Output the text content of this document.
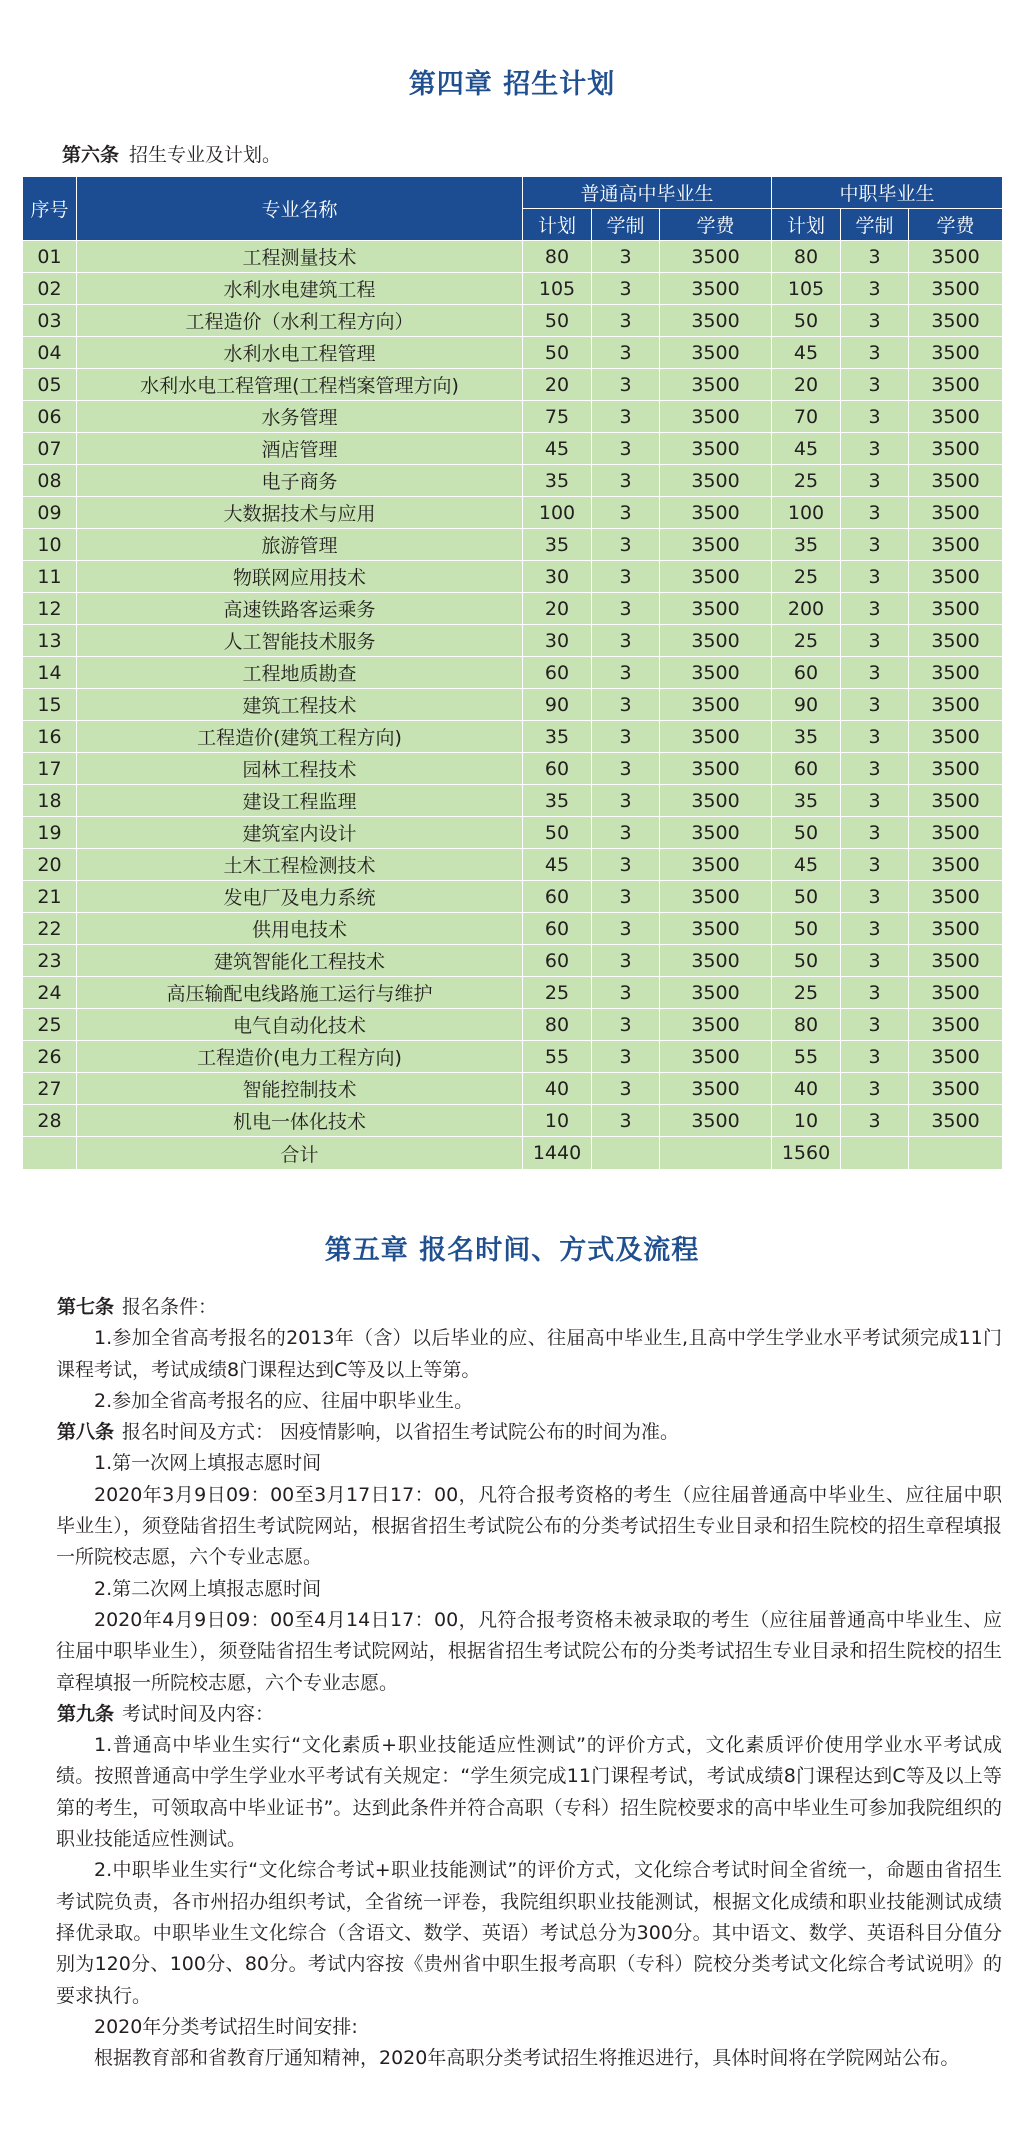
第四章 招生计划
第六条 招生专业及计划。
序号	专业名称	普通高中毕业生			中职毕业生		
		计划	学制	学费	计划	学制	学费
01	工程测量技术	80	3	3500	80	3	3500
02	水利水电建筑工程	105	3	3500	105	3	3500
03	工程造价（水利工程方向）	50	3	3500	50	3	3500
04	水利水电工程管理	50	3	3500	45	3	3500
05	水利水电工程管理(工程档案管理方向)	20	3	3500	20	3	3500
06	水务管理	75	3	3500	70	3	3500
07	酒店管理	45	3	3500	45	3	3500
08	电子商务	35	3	3500	25	3	3500
09	大数据技术与应用	100	3	3500	100	3	3500
10	旅游管理	35	3	3500	35	3	3500
11	物联网应用技术	30	3	3500	25	3	3500
12	高速铁路客运乘务	20	3	3500	200	3	3500
13	人工智能技术服务	30	3	3500	25	3	3500
14	工程地质勘查	60	3	3500	60	3	3500
15	建筑工程技术	90	3	3500	90	3	3500
16	工程造价(建筑工程方向)	35	3	3500	35	3	3500
17	园林工程技术	60	3	3500	60	3	3500
18	建设工程监理	35	3	3500	35	3	3500
19	建筑室内设计	50	3	3500	50	3	3500
20	土木工程检测技术	45	3	3500	45	3	3500
21	发电厂及电力系统	60	3	3500	50	3	3500
22	供用电技术	60	3	3500	50	3	3500
23	建筑智能化工程技术	60	3	3500	50	3	3500
24	高压输配电线路施工运行与维护	25	3	3500	25	3	3500
25	电气自动化技术	80	3	3500	80	3	3500
26	工程造价(电力工程方向)	55	3	3500	55	3	3500
27	智能控制技术	40	3	3500	40	3	3500
28	机电一体化技术	10	3	3500	10	3	3500
	合计	1440			1560		
第五章 报名时间、方式及流程

第七条 报名条件：

1.参加全省高考报名的2013年（含）以后毕业的应、往届高中毕业生,且高中学生学业水平考试须完成11门课程考试，考试成绩8门课程达到C等及以上等第。

2.参加全省高考报名的应、往届中职毕业生。

第八条 报名时间及方式： 因疫情影响，以省招生考试院公布的时间为准。

1.第一次网上填报志愿时间

2020年3月9日09：00至3月17日17：00，凡符合报考资格的考生（应往届普通高中毕业生、应往届中职毕业生），须登陆省招生考试院网站，根据省招生考试院公布的分类考试招生专业目录和招生院校的招生章程填报一所院校志愿，六个专业志愿。

2.第二次网上填报志愿时间

2020年4月9日09：00至4月14日17：00，凡符合报考资格未被录取的考生（应往届普通高中毕业生、应往届中职毕业生），须登陆省招生考试院网站，根据省招生考试院公布的分类考试招生专业目录和招生院校的招生章程填报一所院校志愿，六个专业志愿。

第九条 考试时间及内容：

1.普通高中毕业生实行“文化素质+职业技能适应性测试”的评价方式，文化素质评价使用学业水平考试成绩。按照普通高中学生学业水平考试有关规定：“学生须完成11门课程考试，考试成绩8门课程达到C等及以上等第的考生，可领取高中毕业证书”。达到此条件并符合高职（专科）招生院校要求的高中毕业生可参加我院组织的职业技能适应性测试。

2.中职毕业生实行“文化综合考试+职业技能测试”的评价方式，文化综合考试时间全省统一，命题由省招生考试院负责，各市州招办组织考试，全省统一评卷，我院组织职业技能测试，根据文化成绩和职业技能测试成绩择优录取。中职毕业生文化综合（含语文、数学、英语）考试总分为300分。其中语文、数学、英语科目分值分别为120分、100分、80分。考试内容按《贵州省中职生报考高职（专科）院校分类考试文化综合考试说明》的要求执行。

2020年分类考试招生时间安排:

根据教育部和省教育厅通知精神，2020年高职分类考试招生将推迟进行，具体时间将在学院网站公布。
